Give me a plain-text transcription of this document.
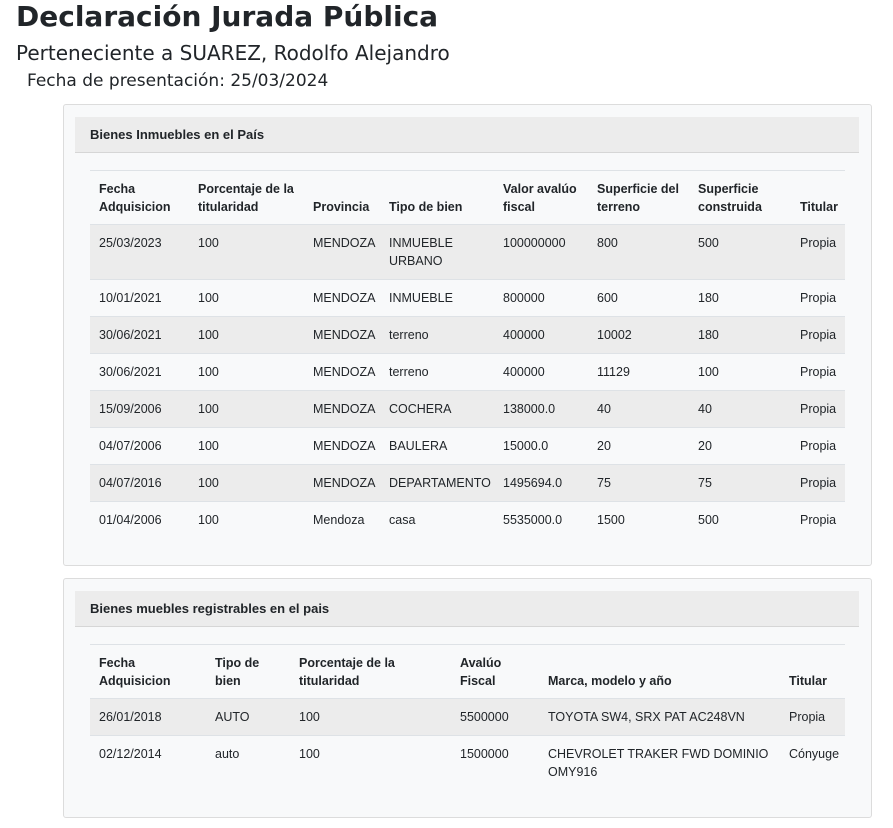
Declaración Jurada Pública
Perteneciente a SUAREZ, Rodolfo Alejandro
Fecha de presentación: 25/03/2024
Bienes Inmuebles en el País
Fecha Adquisicion	Porcentaje de la titularidad	Provincia	Tipo de bien	Valor avalúo fiscal	Superficie del terreno	Superficie construida	Titular
25/03/2023	100	MENDOZA	INMUEBLE URBANO	100000000	800	500	Propia
10/01/2021	100	MENDOZA	INMUEBLE	800000	600	180	Propia
30/06/2021	100	MENDOZA	terreno	400000	10002	180	Propia
30/06/2021	100	MENDOZA	terreno	400000	11129	100	Propia
15/09/2006	100	MENDOZA	COCHERA	138000.0	40	40	Propia
04/07/2006	100	MENDOZA	BAULERA	15000.0	20	20	Propia
04/07/2016	100	MENDOZA	DEPARTAMENTO	1495694.0	75	75	Propia
01/04/2006	100	Mendoza	casa	5535000.0	1500	500	Propia
Bienes muebles registrables en el pais
Fecha Adquisicion	Tipo de bien	Porcentaje de la titularidad	Avalúo Fiscal	Marca, modelo y año	Titular
26/01/2018	AUTO	100	5500000	TOYOTA SW4, SRX PAT AC248VN	Propia
02/12/2014	auto	100	1500000	CHEVROLET TRAKER FWD DOMINIO OMY916	Cónyuge
